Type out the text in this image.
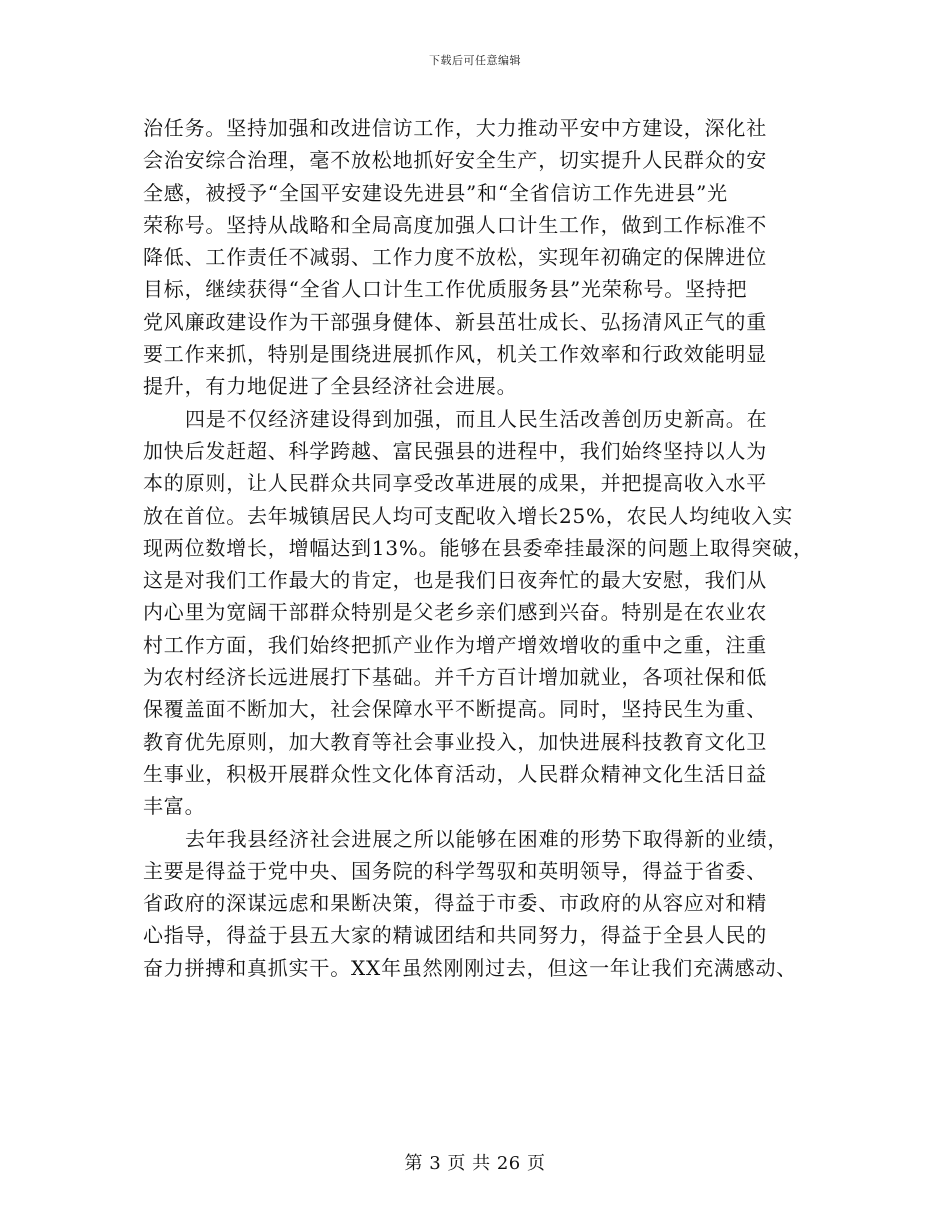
下载后可任意编辑
治任务。坚持加强和改进信访工作，大力推动平安中方建设，深化社
会治安综合治理，毫不放松地抓好安全生产，切实提升人民群众的安
全感，被授予“全国平安建设先进县”和“全省信访工作先进县”光
荣称号。坚持从战略和全局高度加强人口计生工作，做到工作标准不
降低、工作责任不减弱、工作力度不放松，实现年初确定的保牌进位
目标，继续获得“全省人口计生工作优质服务县”光荣称号。坚持把
党风廉政建设作为干部强身健体、新县茁壮成长、弘扬清风正气的重
要工作来抓，特别是围绕进展抓作风，机关工作效率和行政效能明显
提升，有力地促进了全县经济社会进展。
四是不仅经济建设得到加强，而且人民生活改善创历史新高。在
加快后发赶超、科学跨越、富民强县的进程中，我们始终坚持以人为
本的原则，让人民群众共同享受改革进展的成果，并把提高收入水平
放在首位。去年城镇居民人均可支配收入增长25%，农民人均纯收入实
现两位数增长，增幅达到13%。能够在县委牵挂最深的问题上取得突破，
这是对我们工作最大的肯定，也是我们日夜奔忙的最大安慰，我们从
内心里为宽阔干部群众特别是父老乡亲们感到兴奋。特别是在农业农
村工作方面，我们始终把抓产业作为增产增效增收的重中之重，注重
为农村经济长远进展打下基础。并千方百计增加就业，各项社保和低
保覆盖面不断加大，社会保障水平不断提高。同时，坚持民生为重、
教育优先原则，加大教育等社会事业投入，加快进展科技教育文化卫
生事业，积极开展群众性文化体育活动，人民群众精神文化生活日益
丰富。
去年我县经济社会进展之所以能够在困难的形势下取得新的业绩，
主要是得益于党中央、国务院的科学驾驭和英明领导，得益于省委、
省政府的深谋远虑和果断决策，得益于市委、市政府的从容应对和精
心指导，得益于县五大家的精诚团结和共同努力，得益于全县人民的
奋力拼搏和真抓实干。XX年虽然刚刚过去，但这一年让我们充满感动、
第 3 页 共 26 页
